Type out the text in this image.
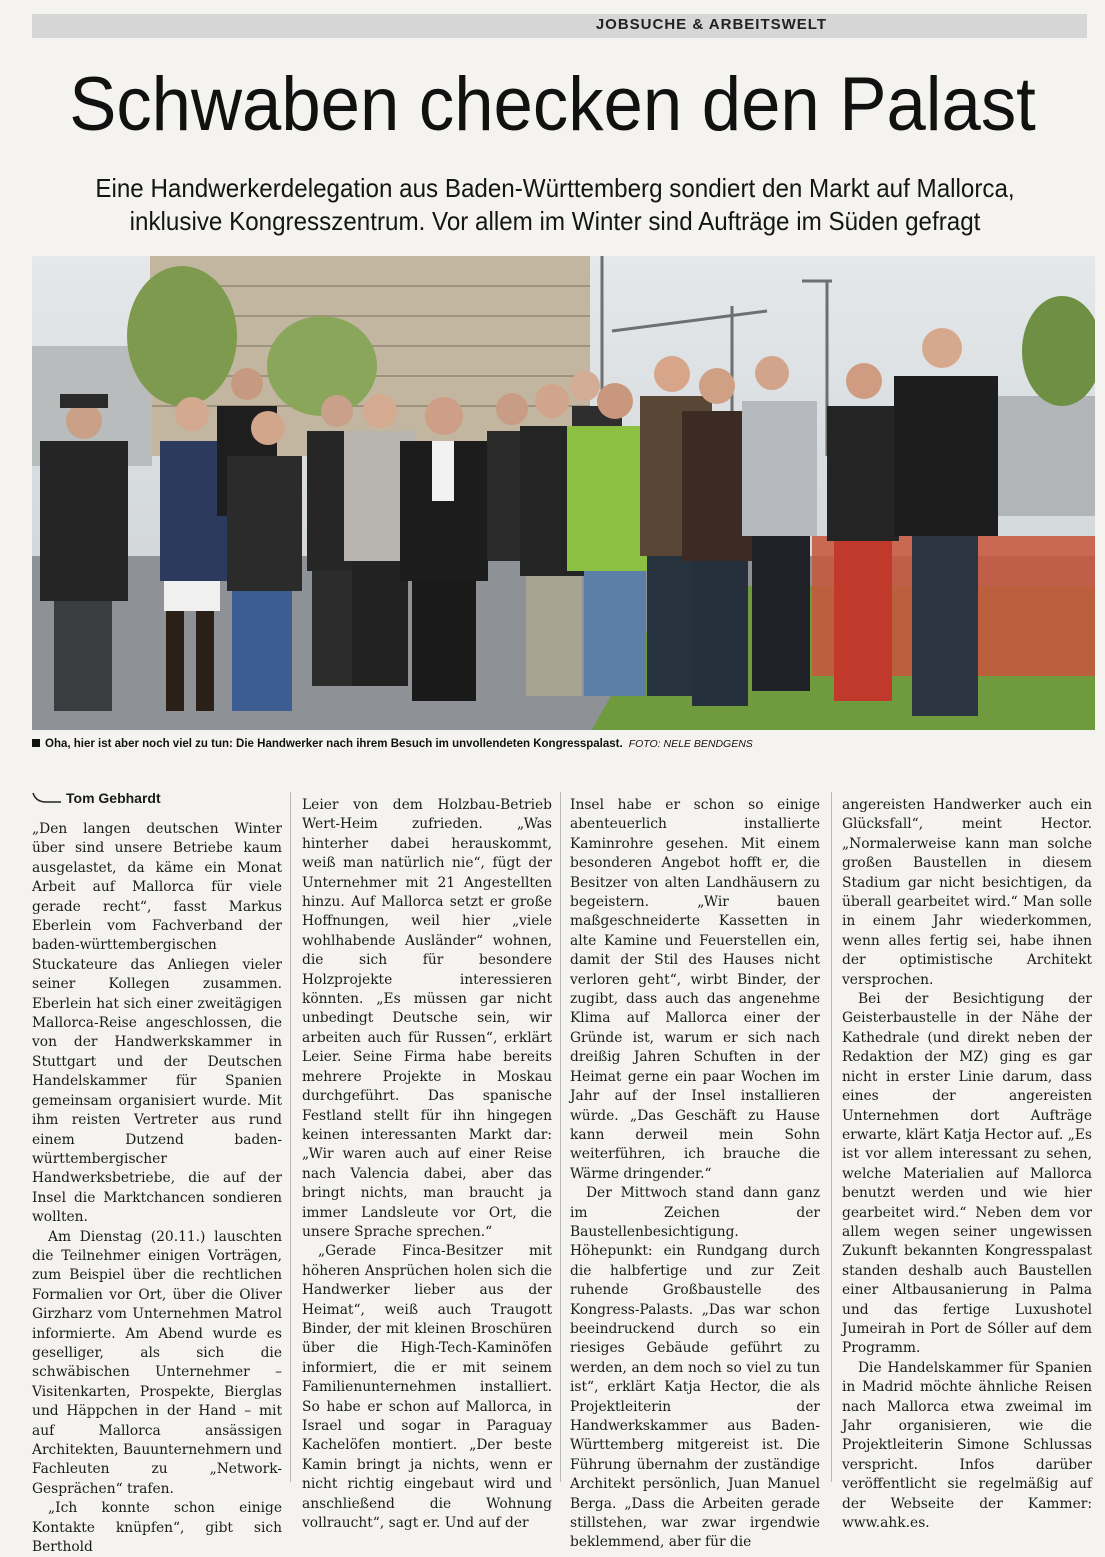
JOBSUCHE & ARBEITSWELT
Schwaben checken den Palast
Eine Handwerkerdelegation aus Baden-Württemberg sondiert den Markt auf Mallorca, inklusive Kongresszentrum. Vor allem im Winter sind Aufträge im Süden gefragt
Oha, hier ist aber noch viel zu tun: Die Handwerker nach ihrem Besuch im unvollendeten Kongresspalast. FOTO: NELE BENDGENS
Tom Gebhardt

„Den langen deutschen Winter über sind unsere Betriebe kaum ausgelastet, da käme ein Monat Arbeit auf Mallorca für viele gerade recht“, fasst Markus Eberlein vom Fachverband der baden-württembergischen Stuckateure das Anliegen vieler seiner Kollegen zusammen. Eberlein hat sich einer zweitägigen Mallorca-Reise angeschlossen, die von der Handwerkskammer in Stuttgart und der Deutschen Handelskammer für Spanien gemeinsam organisiert wurde. Mit ihm reisten Vertreter aus rund einem Dutzend baden-württembergischer Handwerksbetriebe, die auf der Insel die Marktchancen sondieren wollten.

Am Dienstag (20.11.) lauschten die Teilnehmer einigen Vorträgen, zum Beispiel über die rechtlichen Formalien vor Ort, über die Oliver Girzharz vom Unternehmen Matrol informierte. Am Abend wurde es geselliger, als sich die schwäbischen Unternehmer – Visitenkarten, Prospekte, Bierglas und Häppchen in der Hand – mit auf Mallorca ansässigen Architekten, Bauunternehmern und Fachleuten zu „Network-Gesprächen“ trafen.

„Ich konnte schon einige Kontakte knüpfen“, gibt sich Berthold

Leier von dem Holzbau-Betrieb Wert-Heim zufrieden. „Was hinterher dabei herauskommt, weiß man natürlich nie“, fügt der Unternehmer mit 21 Angestellten hinzu. Auf Mallorca setzt er große Hoffnungen, weil hier „viele wohlhabende Ausländer“ wohnen, die sich für besondere Holzprojekte interessieren könnten. „Es müssen gar nicht unbedingt Deutsche sein, wir arbeiten auch für Russen“, erklärt Leier. Seine Firma habe bereits mehrere Projekte in Moskau durchgeführt. Das spanische Festland stellt für ihn hingegen keinen interessanten Markt dar: „Wir waren auch auf einer Reise nach Valencia dabei, aber das bringt nichts, man braucht ja immer Landsleute vor Ort, die unsere Sprache sprechen.“

„Gerade Finca-Besitzer mit höheren Ansprüchen holen sich die Handwerker lieber aus der Heimat“, weiß auch Traugott Binder, der mit kleinen Broschüren über die High-Tech-Kaminöfen informiert, die er mit seinem Familienunternehmen installiert. So habe er schon auf Mallorca, in Israel und sogar in Paraguay Kachelöfen montiert. „Der beste Kamin bringt ja nichts, wenn er nicht richtig eingebaut wird und anschließend die Wohnung vollraucht“, sagt er. Und auf der

Insel habe er schon so einige abenteuerlich installierte Kaminrohre gesehen. Mit einem besonderen Angebot hofft er, die Besitzer von alten Landhäusern zu begeistern. „Wir bauen maßgeschneiderte Kassetten in alte Kamine und Feuerstellen ein, damit der Stil des Hauses nicht verloren geht“, wirbt Binder, der zugibt, dass auch das angenehme Klima auf Mallorca einer der Gründe ist, warum er sich nach dreißig Jahren Schuften in der Heimat gerne ein paar Wochen im Jahr auf der Insel installieren würde. „Das Geschäft zu Hause kann derweil mein Sohn weiterführen, ich brauche die Wärme dringender.“

Der Mittwoch stand dann ganz im Zeichen der Baustellenbesichtigung. Höhepunkt: ein Rundgang durch die halbfertige und zur Zeit ruhende Großbaustelle des Kongress-Palasts. „Das war schon beeindruckend durch so ein riesiges Gebäude geführt zu werden, an dem noch so viel zu tun ist“, erklärt Katja Hector, die als Projektleiterin der Handwerkskammer aus Baden-Württemberg mitgereist ist. Die Führung übernahm der zuständige Architekt persönlich, Juan Manuel Berga. „Dass die Arbeiten gerade stillstehen, war zwar irgendwie beklemmend, aber für die

angereisten Handwerker auch ein Glücksfall“, meint Hector. „Normalerweise kann man solche großen Baustellen in diesem Stadium gar nicht besichtigen, da überall gearbeitet wird.“ Man solle in einem Jahr wiederkommen, wenn alles fertig sei, habe ihnen der optimistische Architekt versprochen.

Bei der Besichtigung der Geisterbaustelle in der Nähe der Kathedrale (und direkt neben der Redaktion der MZ) ging es gar nicht in erster Linie darum, dass eines der angereisten Unternehmen dort Aufträge erwarte, klärt Katja Hector auf. „Es ist vor allem interessant zu sehen, welche Materialien auf Mallorca benutzt werden und wie hier gearbeitet wird.“ Neben dem vor allem wegen seiner ungewissen Zukunft bekannten Kongresspalast standen deshalb auch Baustellen einer Altbausanierung in Palma und das fertige Luxushotel Jumeirah in Port de Sóller auf dem Programm.

Die Handelskammer für Spanien in Madrid möchte ähnliche Reisen nach Mallorca etwa zweimal im Jahr organisieren, wie die Projektleiterin Simone Schlussas verspricht. Infos darüber veröffentlicht sie regelmäßig auf der Webseite der Kammer: www.ahk.es.
